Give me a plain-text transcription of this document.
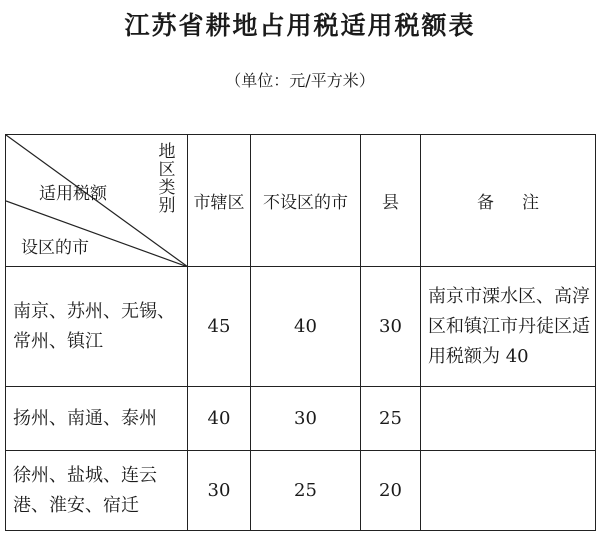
江苏省耕地占用税适用税额表
（单位：元/平方米）
地区类别
适用税额
设区的市	市辖区	不设区的市	县	备注
南京、苏州、无锡、常州、镇江	45	40	30	南京市溧水区、高淳区和镇江市丹徒区适用税额为 40
扬州、南通、泰州	40	30	25	
徐州、盐城、连云港、淮安、宿迁	30	25	20	
